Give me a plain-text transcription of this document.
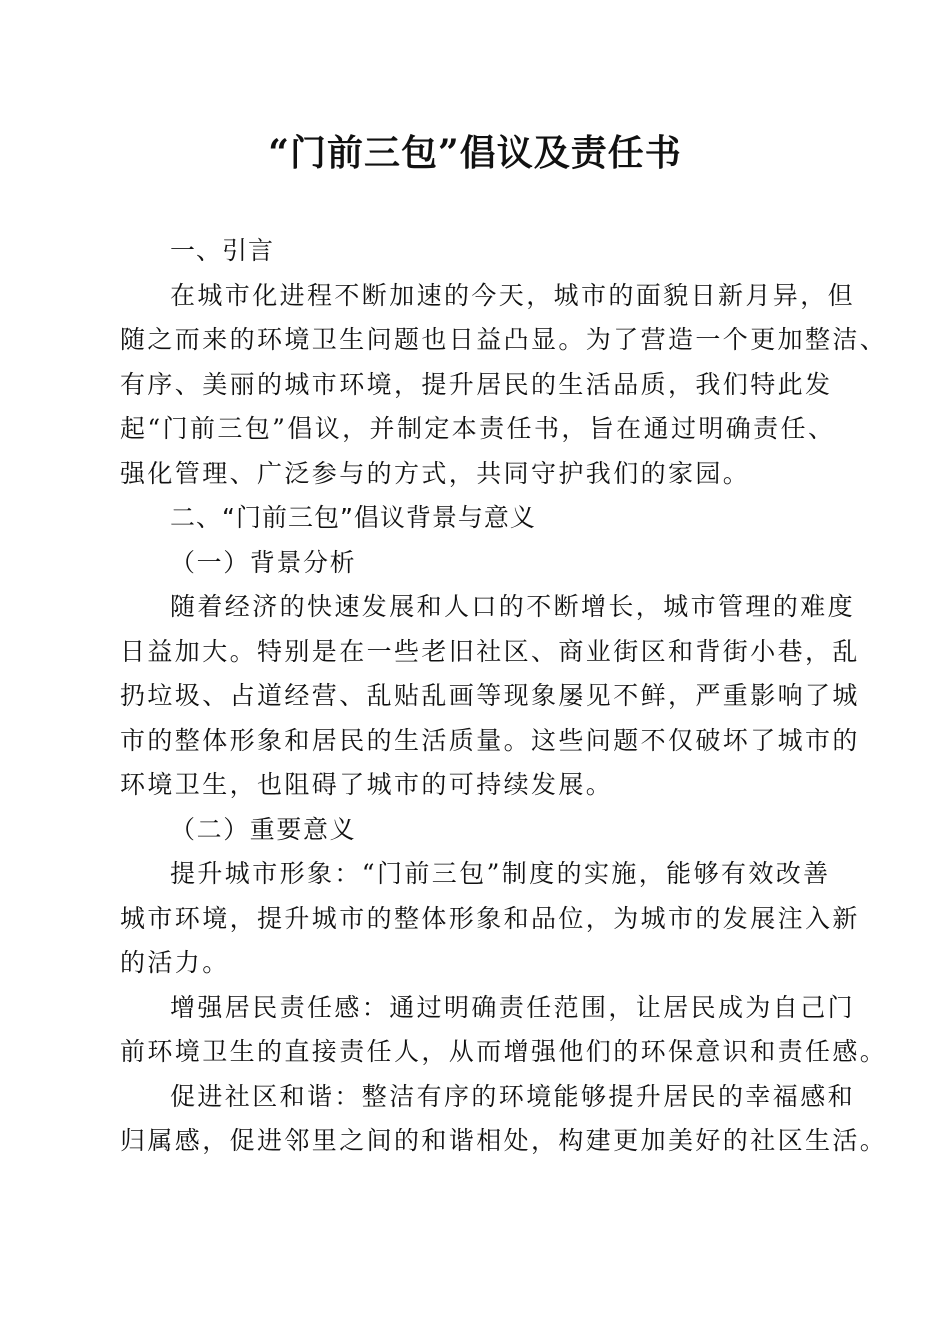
“门前三包”倡议及责任书
一、引言
在城市化进程不断加速的今天，城市的面貌日新月异，但
随之而来的环境卫生问题也日益凸显。为了营造一个更加整洁、
有序、美丽的城市环境，提升居民的生活品质，我们特此发
起“门前三包”倡议，并制定本责任书，旨在通过明确责任、
强化管理、广泛参与的方式，共同守护我们的家园。
二、“门前三包”倡议背景与意义
（一）背景分析
随着经济的快速发展和人口的不断增长，城市管理的难度
日益加大。特别是在一些老旧社区、商业街区和背街小巷，乱
扔垃圾、占道经营、乱贴乱画等现象屡见不鲜，严重影响了城
市的整体形象和居民的生活质量。这些问题不仅破坏了城市的
环境卫生，也阻碍了城市的可持续发展。
（二）重要意义
提升城市形象：“门前三包”制度的实施，能够有效改善
城市环境，提升城市的整体形象和品位，为城市的发展注入新
的活力。
增强居民责任感：通过明确责任范围，让居民成为自己门
前环境卫生的直接责任人，从而增强他们的环保意识和责任感。
促进社区和谐：整洁有序的环境能够提升居民的幸福感和
归属感，促进邻里之间的和谐相处，构建更加美好的社区生活。
